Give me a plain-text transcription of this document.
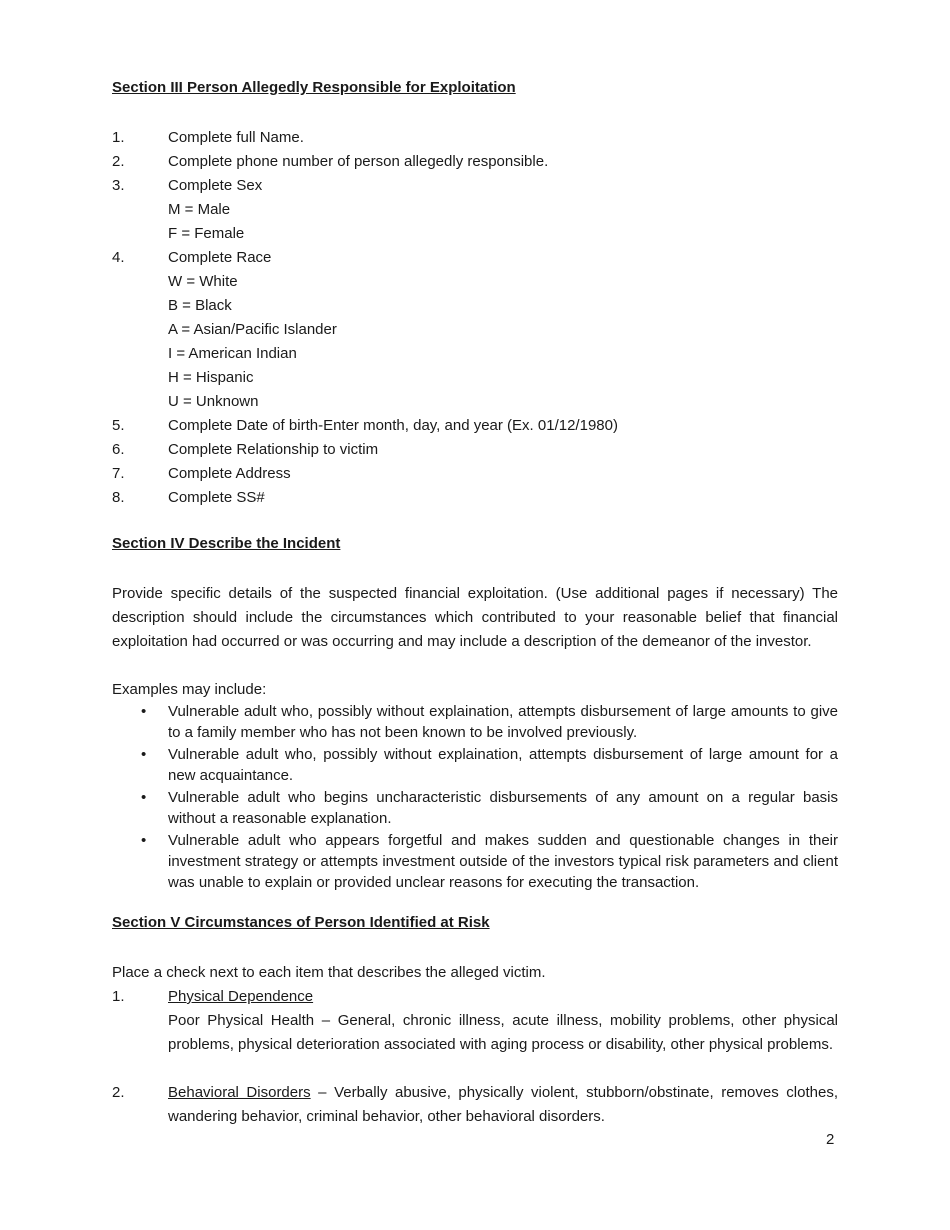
Section III Person Allegedly Responsible for Exploitation
1.	Complete full Name.
2.	Complete phone number of person allegedly responsible.
3.	Complete Sex
M = Male
F = Female
4.	Complete Race
W = White
B = Black
A = Asian/Pacific Islander
I = American Indian
H = Hispanic
U = Unknown
5.	Complete Date of birth-Enter month, day, and year (Ex. 01/12/1980)
6.	Complete Relationship to victim
7.	Complete Address
8.	Complete SS#
Section IV Describe the Incident
Provide specific details of the suspected financial exploitation. (Use additional pages if necessary) The description should include the circumstances which contributed to your reasonable belief that financial exploitation had occurred or was occurring and may include a description of the demeanor of the investor.
Examples may include:
• Vulnerable adult who, possibly without explaination, attempts disbursement of large amounts to give to a family member who has not been known to be involved previously.
• Vulnerable adult who, possibly without explaination, attempts disbursement of large amount for a new acquaintance.
• Vulnerable adult who begins uncharacteristic disbursements of any amount on a regular basis without a reasonable explanation.
• Vulnerable adult who appears forgetful and makes sudden and questionable changes in their investment strategy or attempts investment outside of the investors typical risk parameters and client was unable to explain or provided unclear reasons for executing the transaction.
Section V Circumstances of Person Identified at Risk
Place a check next to each item that describes the alleged victim.
1.	Physical Dependence
Poor Physical Health – General, chronic illness, acute illness, mobility problems, other physical problems, physical deterioration associated with aging process or disability, other physical problems.
2.	Behavioral Disorders – Verbally abusive, physically violent, stubborn/obstinate, removes clothes, wandering behavior, criminal behavior, other behavioral disorders.
2
